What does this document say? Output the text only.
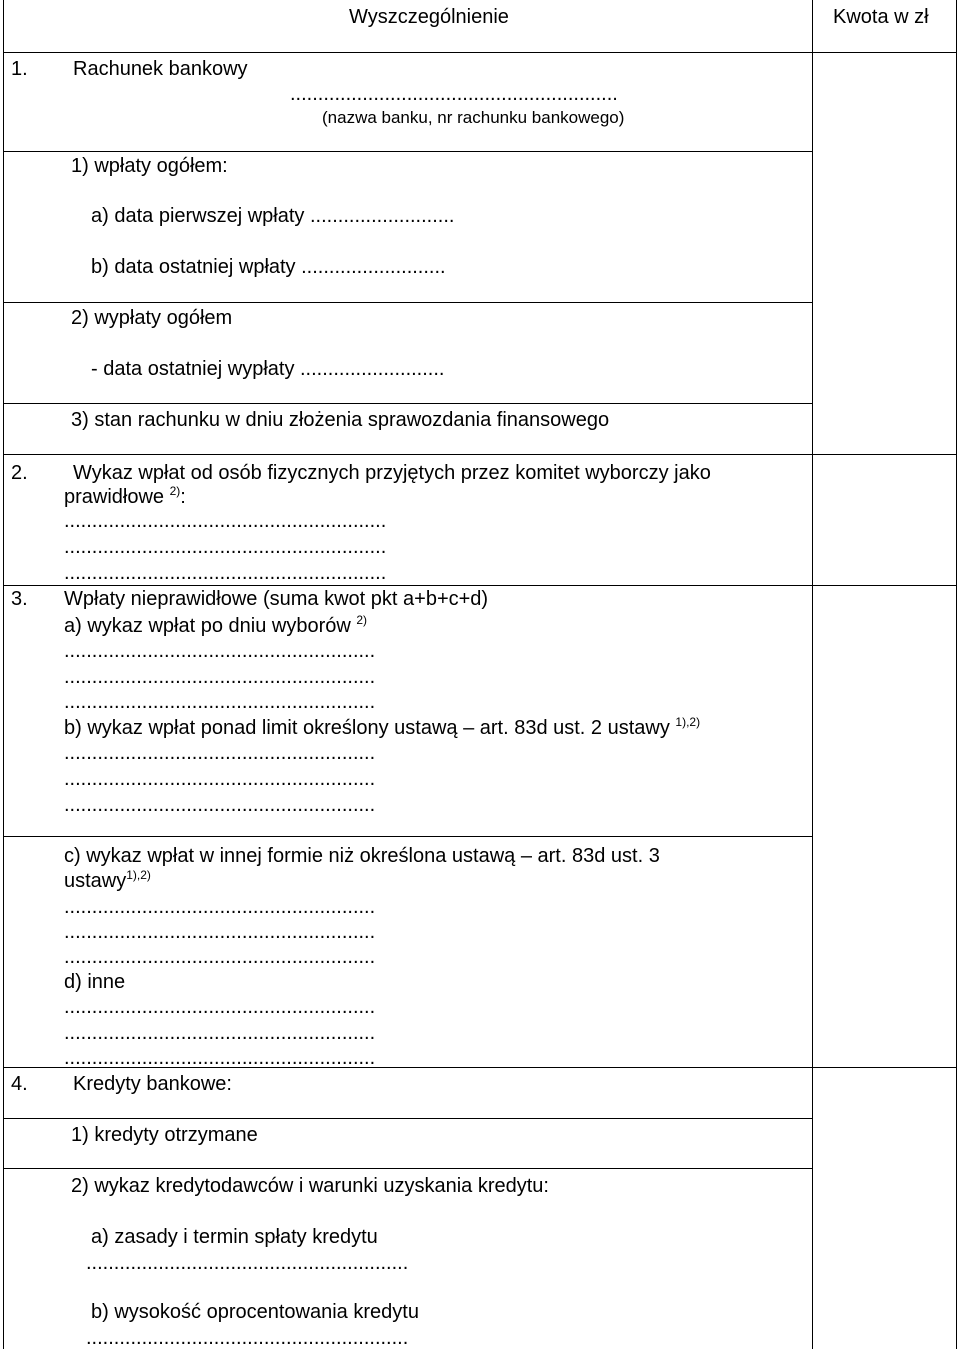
Wyszczególnienie	Kwota w zł
1. Rachunek bankowy
...........................................................
(nazwa banku, nr rachunku bankowego)
1) wpłaty ogółem:
a) data pierwszej wpłaty ..........................
b) data ostatniej wpłaty ..........................
2) wypłaty ogółem
- data ostatniej wypłaty ..........................
3) stan rachunku w dniu złożenia sprawozdania finansowego
2. Wykaz wpłat od osób fizycznych przyjętych przez komitet wyborczy jako
prawidłowe $^{2)}$:
..........................................................
..........................................................
..........................................................
3. Wpłaty nieprawidłowe (suma kwot pkt a+b+c+d)
a) wykaz wpłat po dniu wyborów $^{2)}$
........................................................
........................................................
........................................................
b) wykaz wpłat ponad limit określony ustawą – art. 83d ust. 2 ustawy $^{1),2)}$
........................................................
........................................................
........................................................
c) wykaz wpłat w innej formie niż określona ustawą – art. 83d ust. 3
ustawy$^{1),2)}$
........................................................
........................................................
........................................................
d) inne
........................................................
........................................................
........................................................
4. Kredyty bankowe:
1) kredyty otrzymane
2) wykaz kredytodawców i warunki uzyskania kredytu:
a) zasady i termin spłaty kredytu
..........................................................
b) wysokość oprocentowania kredytu
..........................................................
